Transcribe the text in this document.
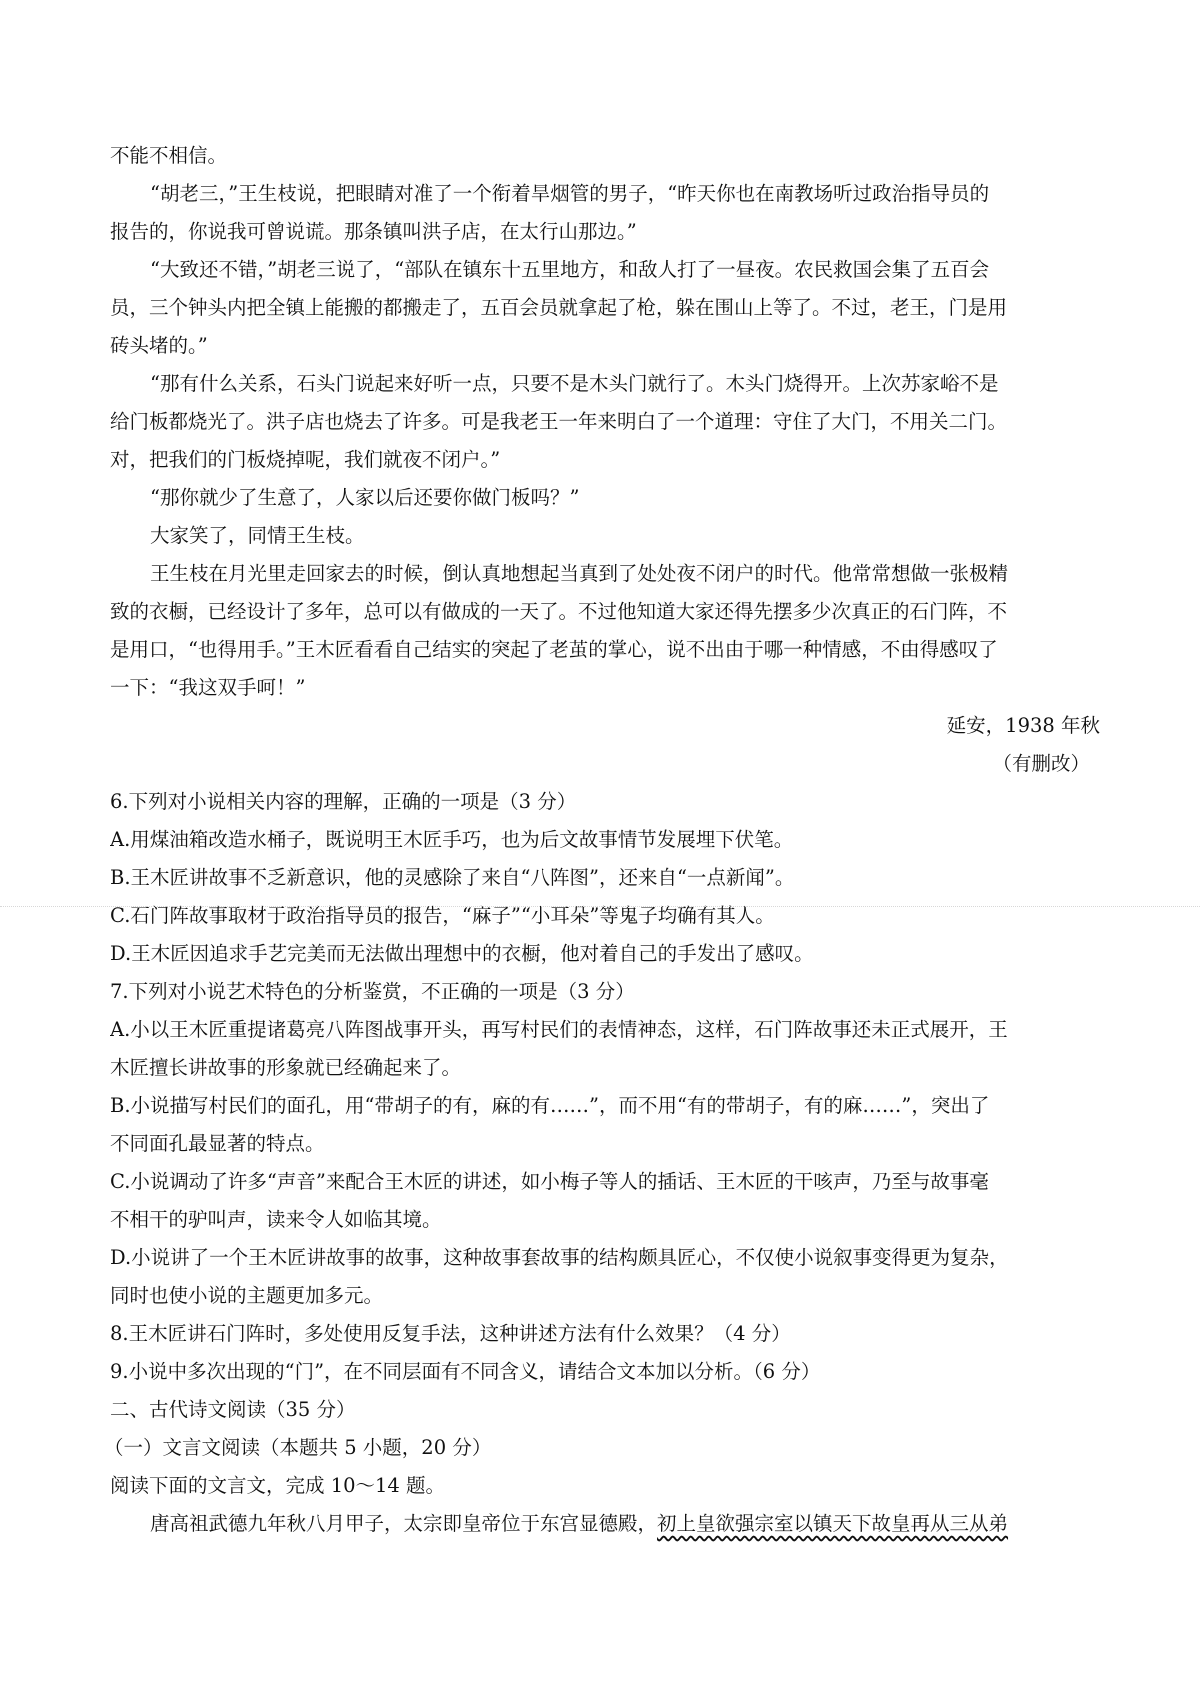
不能不相信。
“胡老三，”王生枝说，把眼睛对准了一个衔着旱烟管的男子，“昨天你也在南教场听过政治指导员的
报告的，你说我可曾说谎。那条镇叫洪子店，在太行山那边。”
“大致还不错，”胡老三说了，“部队在镇东十五里地方，和敌人打了一昼夜。农民救国会集了五百会
员，三个钟头内把全镇上能搬的都搬走了，五百会员就拿起了枪，躲在围山上等了。不过，老王，门是用
砖头堵的。”
“那有什么关系，石头门说起来好听一点，只要不是木头门就行了。木头门烧得开。上次苏家峪不是
给门板都烧光了。洪子店也烧去了许多。可是我老王一年来明白了一个道理：守住了大门，不用关二门。
对，把我们的门板烧掉呢，我们就夜不闭户。”
“那你就少了生意了，人家以后还要你做门板吗？”
大家笑了，同情王生枝。
王生枝在月光里走回家去的时候，倒认真地想起当真到了处处夜不闭户的时代。他常常想做一张极精
致的衣橱，已经设计了多年，总可以有做成的一天了。不过他知道大家还得先摆多少次真正的石门阵，不
是用口，“也得用手。”王木匠看看自己结实的突起了老茧的掌心，说不出由于哪一种情感，不由得感叹了
一下：“我这双手呵！”
延安，1938 年秋
（有删改）
6.下列对小说相关内容的理解，正确的一项是（3 分）
A.用煤油箱改造水桶子，既说明王木匠手巧，也为后文故事情节发展埋下伏笔。
B.王木匠讲故事不乏新意识，他的灵感除了来自“八阵图”，还来自“一点新闻”。
C.石门阵故事取材于政治指导员的报告，“麻子”“小耳朵”等鬼子均确有其人。
D.王木匠因追求手艺完美而无法做出理想中的衣橱，他对着自己的手发出了感叹。
7.下列对小说艺术特色的分析鉴赏，不正确的一项是（3 分）
A.小以王木匠重提诸葛亮八阵图战事开头，再写村民们的表情神态，这样，石门阵故事还未正式展开，王
木匠擅长讲故事的形象就已经确起来了。
B.小说描写村民们的面孔，用“带胡子的有，麻的有……”，而不用“有的带胡子，有的麻……”，突出了
不同面孔最显著的特点。
C.小说调动了许多“声音”来配合王木匠的讲述，如小梅子等人的插话、王木匠的干咳声，乃至与故事毫
不相干的驴叫声，读来令人如临其境。
D.小说讲了一个王木匠讲故事的故事，这种故事套故事的结构颇具匠心，不仅使小说叙事变得更为复杂，
同时也使小说的主题更加多元。
8.王木匠讲石门阵时，多处使用反复手法，这种讲述方法有什么效果？（4 分）
9.小说中多次出现的“门”，在不同层面有不同含义，请结合文本加以分析。（6 分）
二、古代诗文阅读（35 分）
（一）文言文阅读（本题共 5 小题，20 分）
阅读下面的文言文，完成 10～14 题。
唐高祖武德九年秋八月甲子，太宗即皇帝位于东宫显德殿，初上皇欲强宗室以镇天下故皇再从三从弟
